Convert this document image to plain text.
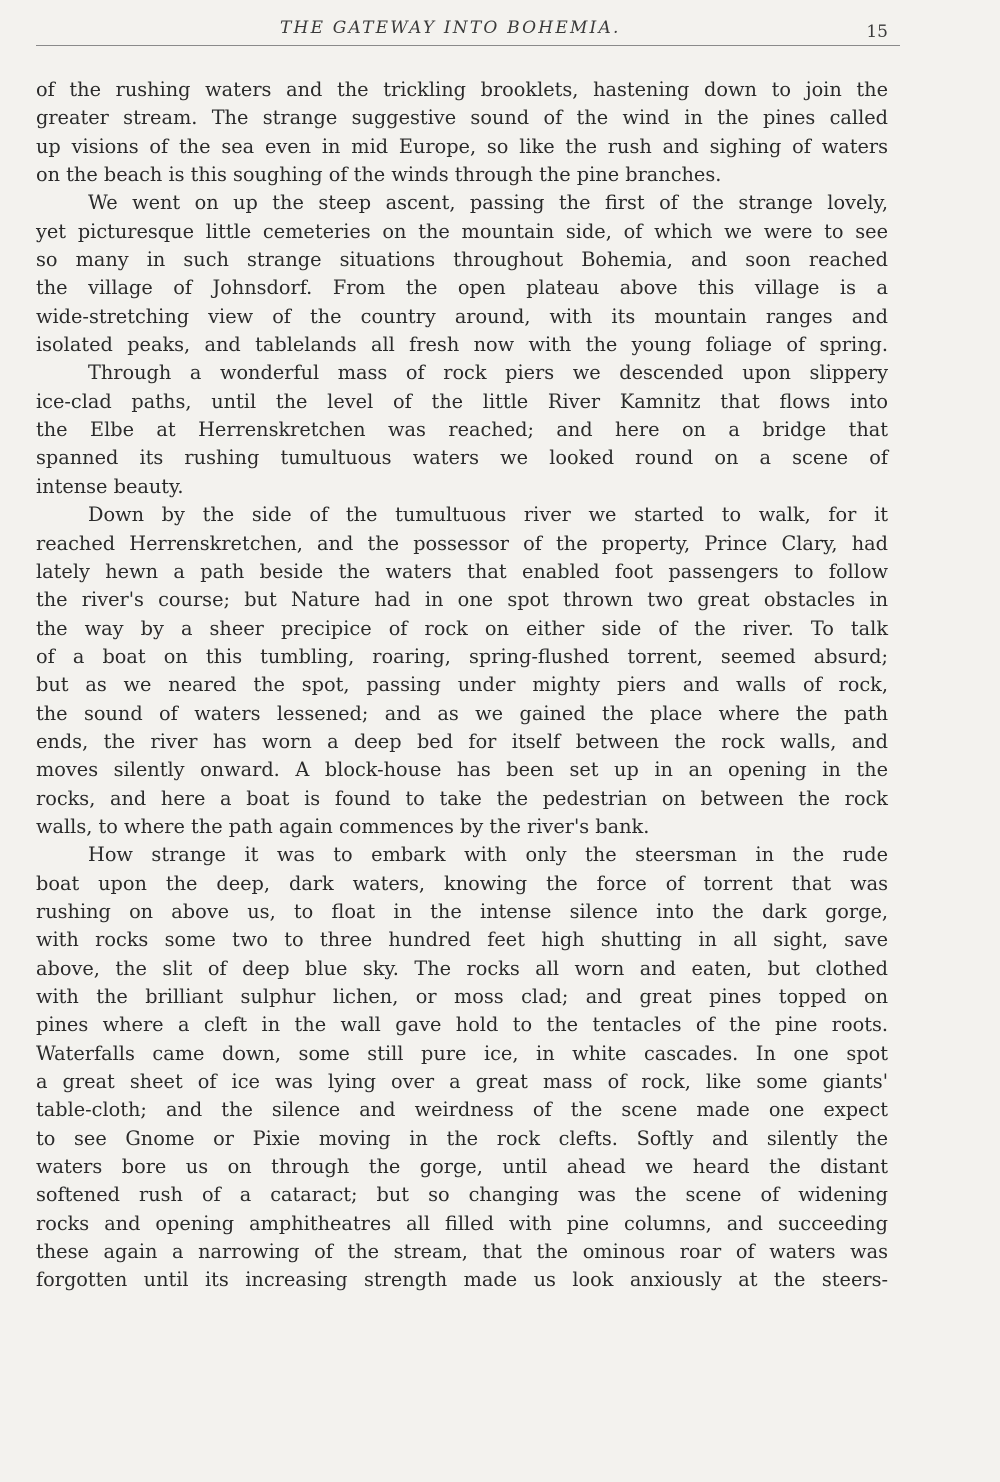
THE GATEWAY INTO BOHEMIA.	15
of the rushing waters and the trickling brooklets, hastening down to join the
greater stream. The strange suggestive sound of the wind in the pines called
up visions of the sea even in mid Europe, so like the rush and sighing of waters
on the beach is this soughing of the winds through the pine branches.
We went on up the steep ascent, passing the first of the strange lovely,
yet picturesque little cemeteries on the mountain side, of which we were to see
so many in such strange situations throughout Bohemia, and soon reached
the village of Johnsdorf. From the open plateau above this village is a
wide-stretching view of the country around, with its mountain ranges and
isolated peaks, and tablelands all fresh now with the young foliage of spring.
Through a wonderful mass of rock piers we descended upon slippery
ice-clad paths, until the level of the little River Kamnitz that flows into
the Elbe at Herrenskretchen was reached; and here on a bridge that
spanned its rushing tumultuous waters we looked round on a scene of
intense beauty.
Down by the side of the tumultuous river we started to walk, for it
reached Herrenskretchen, and the possessor of the property, Prince Clary, had
lately hewn a path beside the waters that enabled foot passengers to follow
the river's course; but Nature had in one spot thrown two great obstacles in
the way by a sheer precipice of rock on either side of the river. To talk
of a boat on this tumbling, roaring, spring-flushed torrent, seemed absurd;
but as we neared the spot, passing under mighty piers and walls of rock,
the sound of waters lessened; and as we gained the place where the path
ends, the river has worn a deep bed for itself between the rock walls, and
moves silently onward. A block-house has been set up in an opening in the
rocks, and here a boat is found to take the pedestrian on between the rock
walls, to where the path again commences by the river's bank.
How strange it was to embark with only the steersman in the rude
boat upon the deep, dark waters, knowing the force of torrent that was
rushing on above us, to float in the intense silence into the dark gorge,
with rocks some two to three hundred feet high shutting in all sight, save
above, the slit of deep blue sky. The rocks all worn and eaten, but clothed
with the brilliant sulphur lichen, or moss clad; and great pines topped on
pines where a cleft in the wall gave hold to the tentacles of the pine roots.
Waterfalls came down, some still pure ice, in white cascades. In one spot
a great sheet of ice was lying over a great mass of rock, like some giants'
table-cloth; and the silence and weirdness of the scene made one expect
to see Gnome or Pixie moving in the rock clefts. Softly and silently the
waters bore us on through the gorge, until ahead we heard the distant
softened rush of a cataract; but so changing was the scene of widening
rocks and opening amphitheatres all filled with pine columns, and succeeding
these again a narrowing of the stream, that the ominous roar of waters was
forgotten until its increasing strength made us look anxiously at the steers-
